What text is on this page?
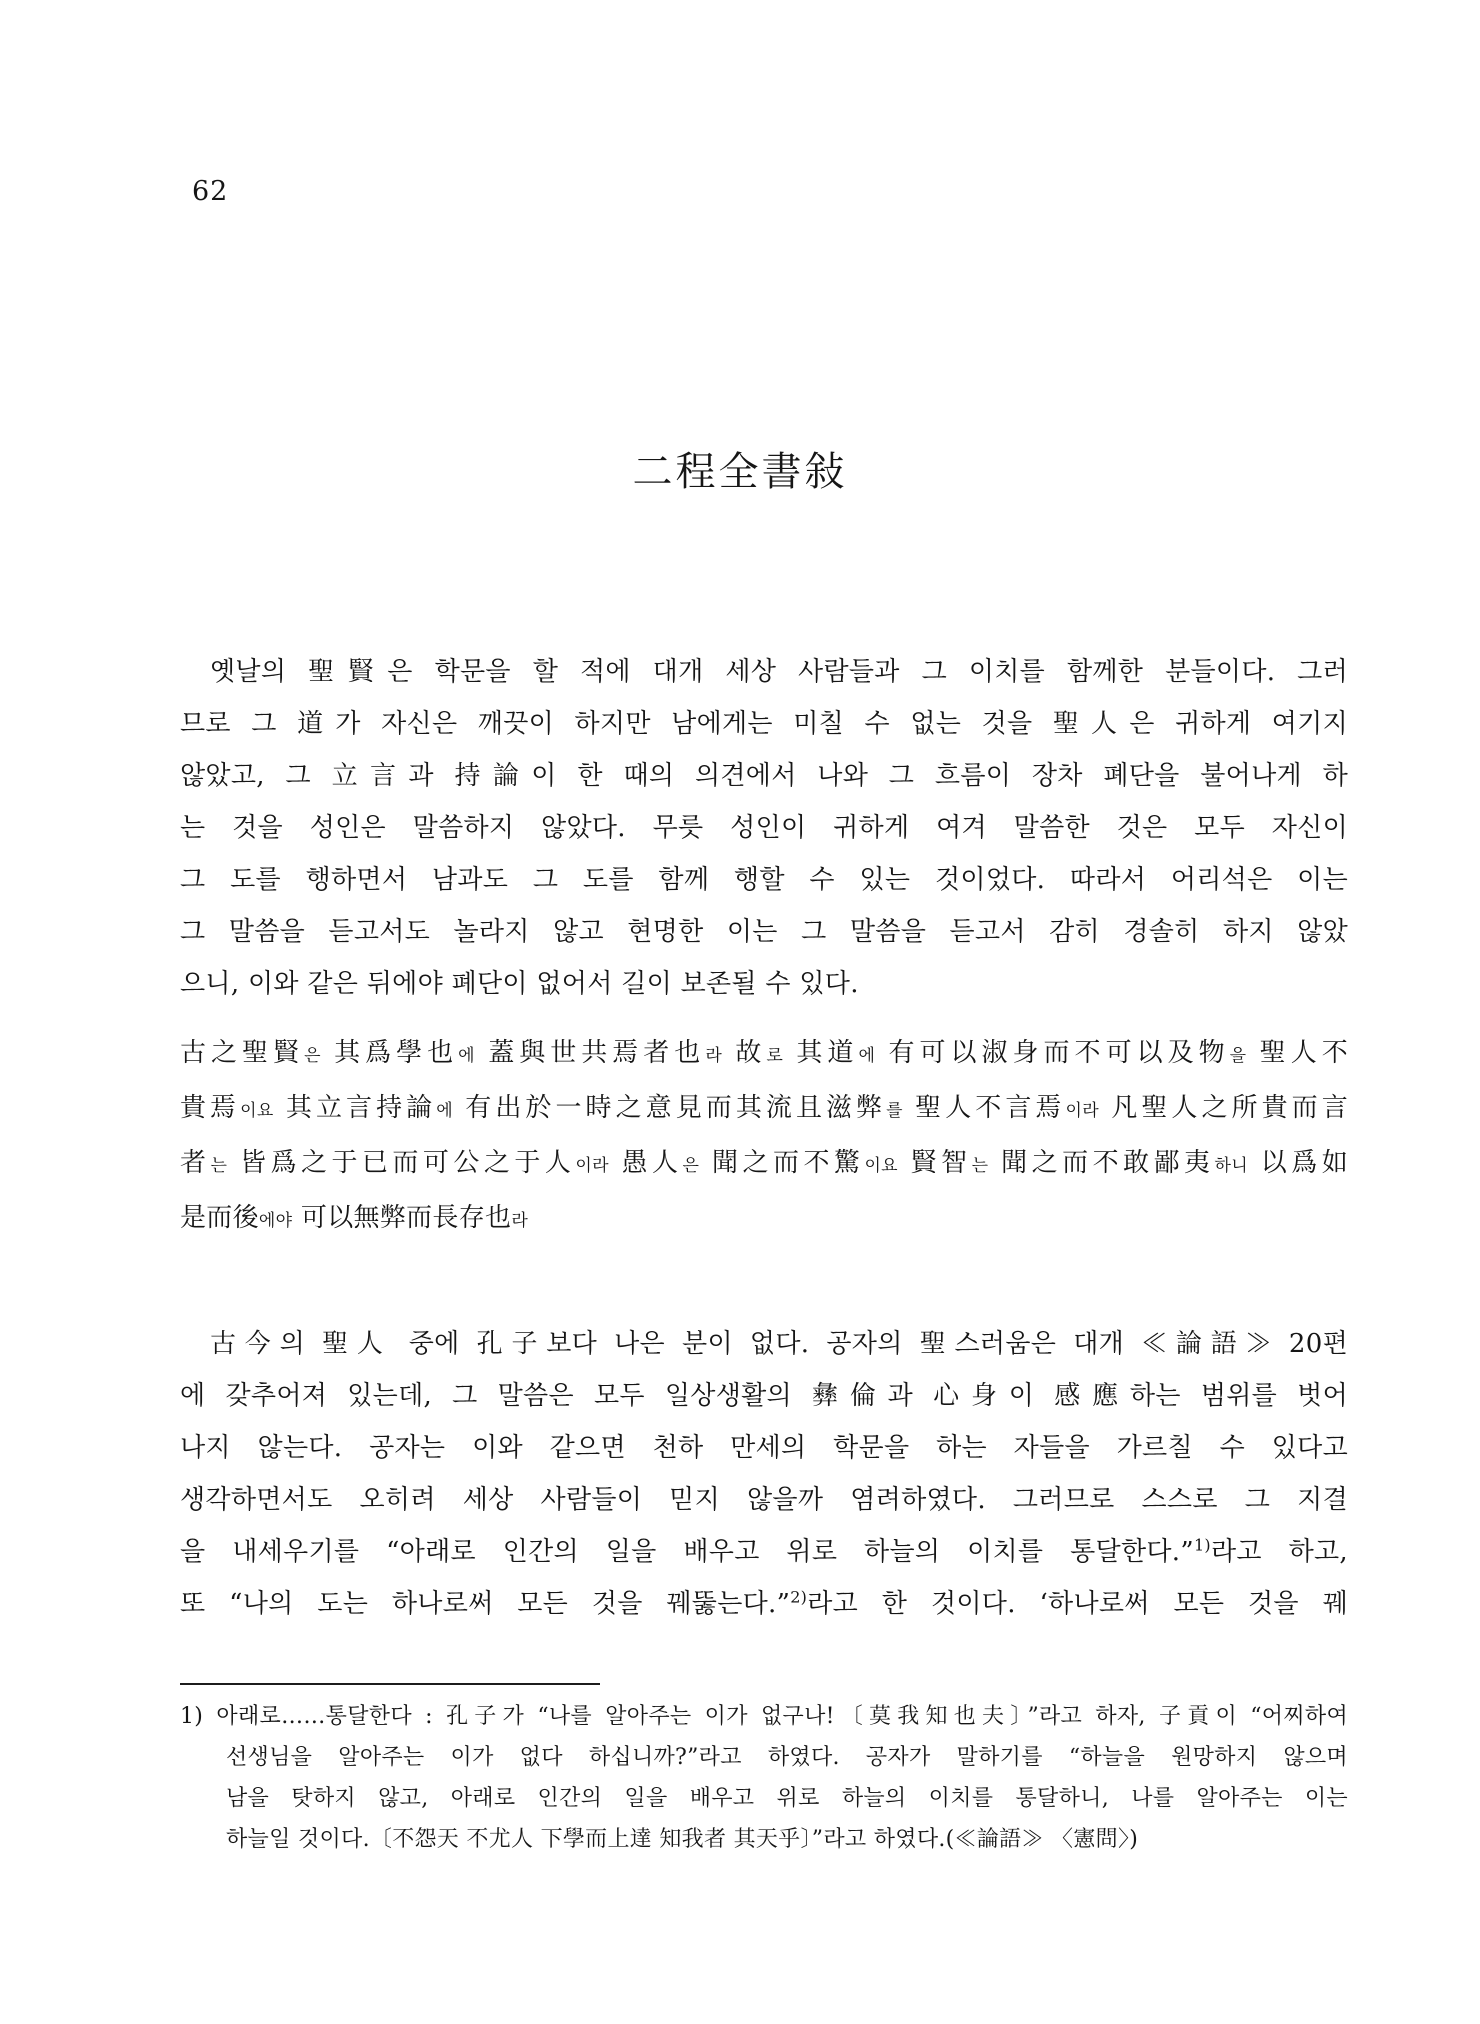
62
二程全書敍
옛날의 聖賢은 학문을 할 적에 대개 세상 사람들과 그 이치를 함께한 분들이다. 그러
므로 그 道가 자신은 깨끗이 하지만 남에게는 미칠 수 없는 것을 聖人은 귀하게 여기지
않았고, 그 立言과 持論이 한 때의 의견에서 나와 그 흐름이 장차 폐단을 불어나게 하
는 것을 성인은 말씀하지 않았다. 무릇 성인이 귀하게 여겨 말씀한 것은 모두 자신이
그 도를 행하면서 남과도 그 도를 함께 행할 수 있는 것이었다. 따라서 어리석은 이는
그 말씀을 듣고서도 놀라지 않고 현명한 이는 그 말씀을 듣고서 감히 경솔히 하지 않았
으니, 이와 같은 뒤에야 폐단이 없어서 길이 보존될 수 있다.
古之聖賢은 其爲學也에 蓋與世共焉者也라 故로 其道에 有可以淑身而不可以及物을 聖人不
貴焉이요 其立言持論에 有出於一時之意見而其流且滋弊를 聖人不言焉이라 凡聖人之所貴而言
者는 皆爲之于已而可公之于人이라 愚人은 聞之而不驚이요 賢智는 聞之而不敢鄙夷하니 以爲如
是而後에야 可以無弊而長存也라
古今의 聖人 중에 孔子보다 나은 분이 없다. 공자의 聖스러움은 대개 ≪論語≫ 20편
에 갖추어져 있는데, 그 말씀은 모두 일상생활의 彝倫과 心身이 感應하는 범위를 벗어
나지 않는다. 공자는 이와 같으면 천하 만세의 학문을 하는 자들을 가르칠 수 있다고
생각하면서도 오히려 세상 사람들이 믿지 않을까 염려하였다. 그러므로 스스로 그 지결
을 내세우기를 “아래로 인간의 일을 배우고 위로 하늘의 이치를 통달한다.”$^{1)}$라고 하고,
또 “나의 도는 하나로써 모든 것을 꿰뚫는다.”$^{2)}$라고 한 것이다. ‘하나로써 모든 것을 꿰
1) 아래로……통달한다 : 孔子가 “나를 알아주는 이가 없구나!〔莫我知也夫〕”라고 하자, 子貢이 “어찌하여
선생님을 알아주는 이가 없다 하십니까?”라고 하였다. 공자가 말하기를 “하늘을 원망하지 않으며
남을 탓하지 않고, 아래로 인간의 일을 배우고 위로 하늘의 이치를 통달하니, 나를 알아주는 이는
하늘일 것이다.〔不怨天 不尤人 下學而上達 知我者 其天乎〕”라고 하였다.(≪論語≫ 〈憲問〉)
